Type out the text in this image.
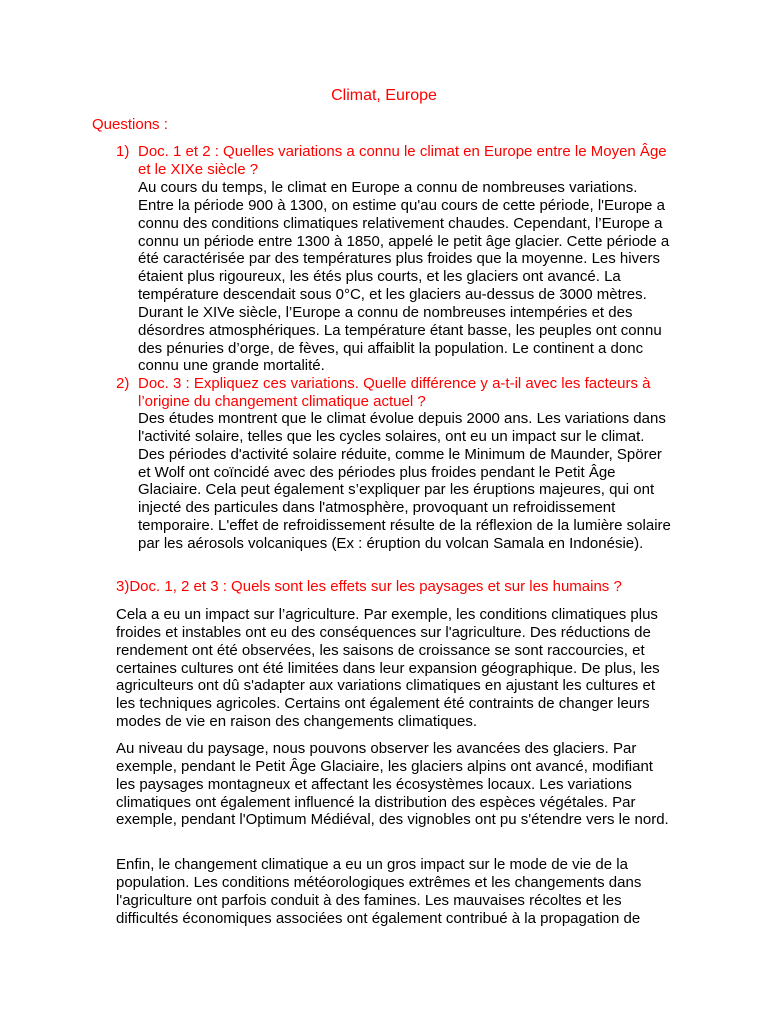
Climat, Europe
Questions :
1) Doc. 1 et 2 : Quelles variations a connu le climat en Europe entre le Moyen Âge et le XIXe siècle ?
Au cours du temps, le climat en Europe a connu de nombreuses variations. Entre la période 900 à 1300, on estime qu'au cours de cette période, l'Europe a connu des conditions climatiques relativement chaudes. Cependant, l’Europe a connu un période entre 1300 à 1850, appelé le petit âge glacier. Cette période a été caractérisée par des températures plus froides que la moyenne. Les hivers étaient plus rigoureux, les étés plus courts, et les glaciers ont avancé. La température descendait sous 0°C, et les glaciers au-dessus de 3000 mètres. Durant le XIVe siècle, l’Europe a connu de nombreuses intempéries et des désordres atmosphériques. La température étant basse, les peuples ont connu des pénuries d’orge, de fèves, qui affaiblit la population. Le continent a donc connu une grande mortalité.
2) Doc. 3 : Expliquez ces variations. Quelle différence y a-t-il avec les facteurs à l’origine du changement climatique actuel ?
Des études montrent que le climat évolue depuis 2000 ans. Les variations dans l'activité solaire, telles que les cycles solaires, ont eu un impact sur le climat. Des périodes d'activité solaire réduite, comme le Minimum de Maunder, Spörer et Wolf ont coïncidé avec des périodes plus froides pendant le Petit Âge Glaciaire. Cela peut également s’expliquer par les éruptions majeures, qui ont injecté des particules dans l'atmosphère, provoquant un refroidissement temporaire. L'effet de refroidissement résulte de la réflexion de la lumière solaire par les aérosols volcaniques (Ex : éruption du volcan Samala en Indonésie).
3)Doc. 1, 2 et 3 : Quels sont les effets sur les paysages et sur les humains ?
Cela a eu un impact sur l’agriculture. Par exemple, les conditions climatiques plus froides et instables ont eu des conséquences sur l'agriculture. Des réductions de rendement ont été observées, les saisons de croissance se sont raccourcies, et certaines cultures ont été limitées dans leur expansion géographique. De plus, les agriculteurs ont dû s'adapter aux variations climatiques en ajustant les cultures et les techniques agricoles. Certains ont également été contraints de changer leurs modes de vie en raison des changements climatiques.
Au niveau du paysage, nous pouvons observer les avancées des glaciers. Par exemple, pendant le Petit Âge Glaciaire, les glaciers alpins ont avancé, modifiant les paysages montagneux et affectant les écosystèmes locaux. Les variations climatiques ont également influencé la distribution des espèces végétales. Par exemple, pendant l'Optimum Médiéval, des vignobles ont pu s'étendre vers le nord.
Enfin, le changement climatique a eu un gros impact sur le mode de vie de la population. Les conditions météorologiques extrêmes et les changements dans l'agriculture ont parfois conduit à des famines. Les mauvaises récoltes et les difficultés économiques associées ont également contribué à la propagation de
